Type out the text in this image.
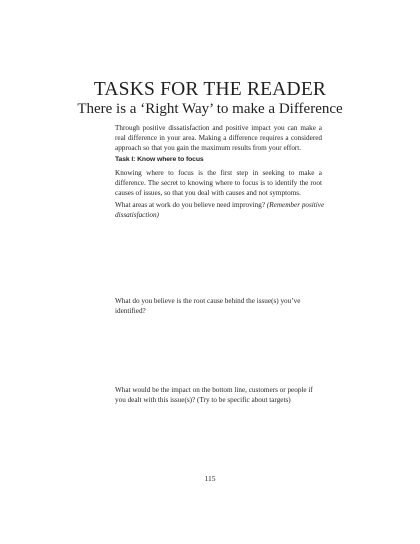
TASKS FOR THE READER
There is a ‘Right Way’ to make a Difference

Through positive dissatisfaction and positive impact you can make a real difference in your area. Making a difference requires a considered approach so that you gain the maximum results from your effort.

Task I: Know where to focus

Knowing where to focus is the first step in seeking to make a difference. The secret to knowing where to focus is to identify the root causes of issues, so that you deal with causes and not symptoms.

What areas at work do you believe need improving? (Remember positive dissatisfaction)

What do you believe is the root cause behind the issue(s) you’ve identified?

What would be the impact on the bottom line, customers or people if you dealt with this issue(s)? (Try to be specific about targets)

115
